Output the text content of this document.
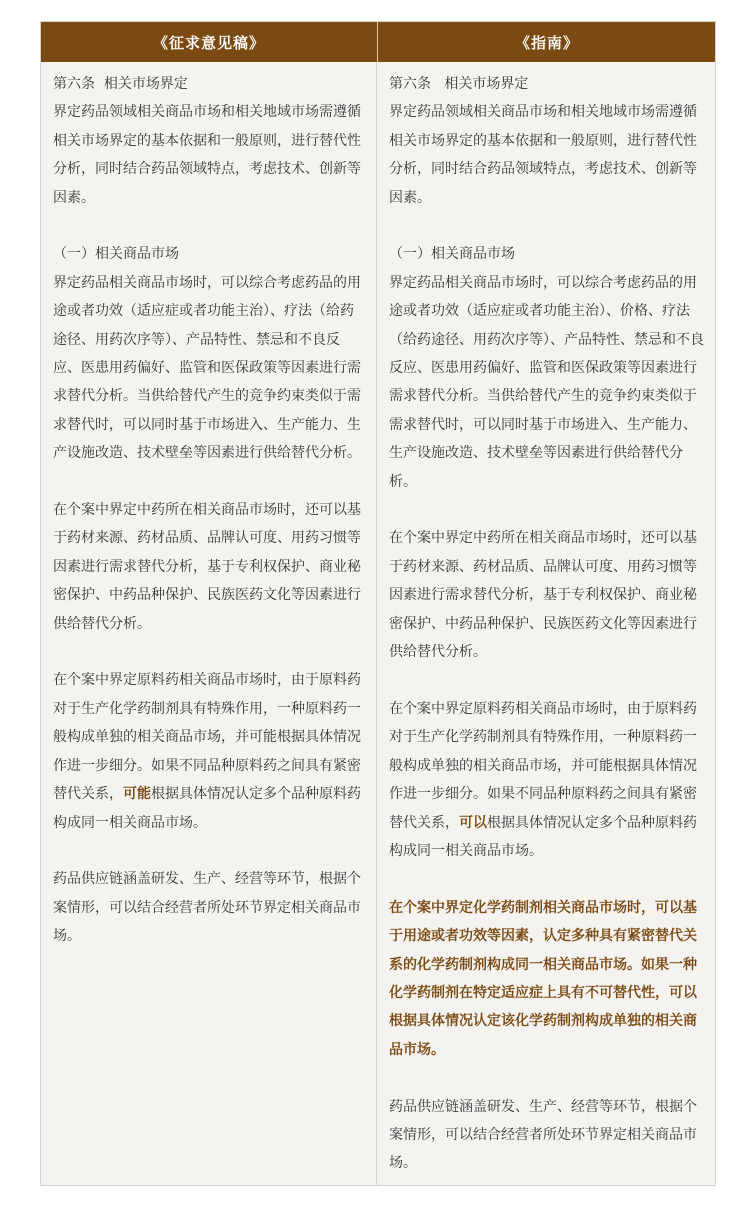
《征求意见稿》	《指南》
第六条  相关市场界定
界定药品领域相关商品市场和相关地域市场需遵循相关市场界定的基本依据和一般原则，进行替代性分析，同时结合药品领域特点，考虑技术、创新等因素。
（一）相关商品市场
界定药品相关商品市场时，可以综合考虑药品的用途或者功效（适应症或者功能主治）、疗法（给药途径、用药次序等）、产品特性、禁忌和不良反应、医患用药偏好、监管和医保政策等因素进行需求替代分析。当供给替代产生的竞争约束类似于需求替代时，可以同时基于市场进入、生产能力、生产设施改造、技术壁垒等因素进行供给替代分析。
在个案中界定中药所在相关商品市场时，还可以基于药材来源、药材品质、品牌认可度、用药习惯等因素进行需求替代分析，基于专利权保护、商业秘密保护、中药品种保护、民族医药文化等因素进行供给替代分析。
在个案中界定原料药相关商品市场时，由于原料药对于生产化学药制剂具有特殊作用，一种原料药一般构成单独的相关商品市场，并可能根据具体情况作进一步细分。如果不同品种原料药之间具有紧密替代关系，可能根据具体情况认定多个品种原料药构成同一相关商品市场。
药品供应链涵盖研发、生产、经营等环节，根据个案情形，可以结合经营者所处环节界定相关商品市场。
第六条   相关市场界定
界定药品领域相关商品市场和相关地域市场需遵循相关市场界定的基本依据和一般原则，进行替代性分析，同时结合药品领域特点，考虑技术、创新等因素。
（一）相关商品市场
界定药品相关商品市场时，可以综合考虑药品的用途或者功效（适应症或者功能主治）、价格、疗法（给药途径、用药次序等）、产品特性、禁忌和不良反应、医患用药偏好、监管和医保政策等因素进行需求替代分析。当供给替代产生的竞争约束类似于需求替代时，可以同时基于市场进入、生产能力、生产设施改造、技术壁垒等因素进行供给替代分析。
在个案中界定中药所在相关商品市场时，还可以基于药材来源、药材品质、品牌认可度、用药习惯等因素进行需求替代分析，基于专利权保护、商业秘密保护、中药品种保护、民族医药文化等因素进行供给替代分析。
在个案中界定原料药相关商品市场时，由于原料药对于生产化学药制剂具有特殊作用，一种原料药一般构成单独的相关商品市场，并可能根据具体情况作进一步细分。如果不同品种原料药之间具有紧密替代关系，可以根据具体情况认定多个品种原料药构成同一相关商品市场。
在个案中界定化学药制剂相关商品市场时，可以基于用途或者功效等因素，认定多种具有紧密替代关系的化学药制剂构成同一相关商品市场。如果一种化学药制剂在特定适应症上具有不可替代性，可以根据具体情况认定该化学药制剂构成单独的相关商品市场。
药品供应链涵盖研发、生产、经营等环节，根据个案情形，可以结合经营者所处环节界定相关商品市场。
